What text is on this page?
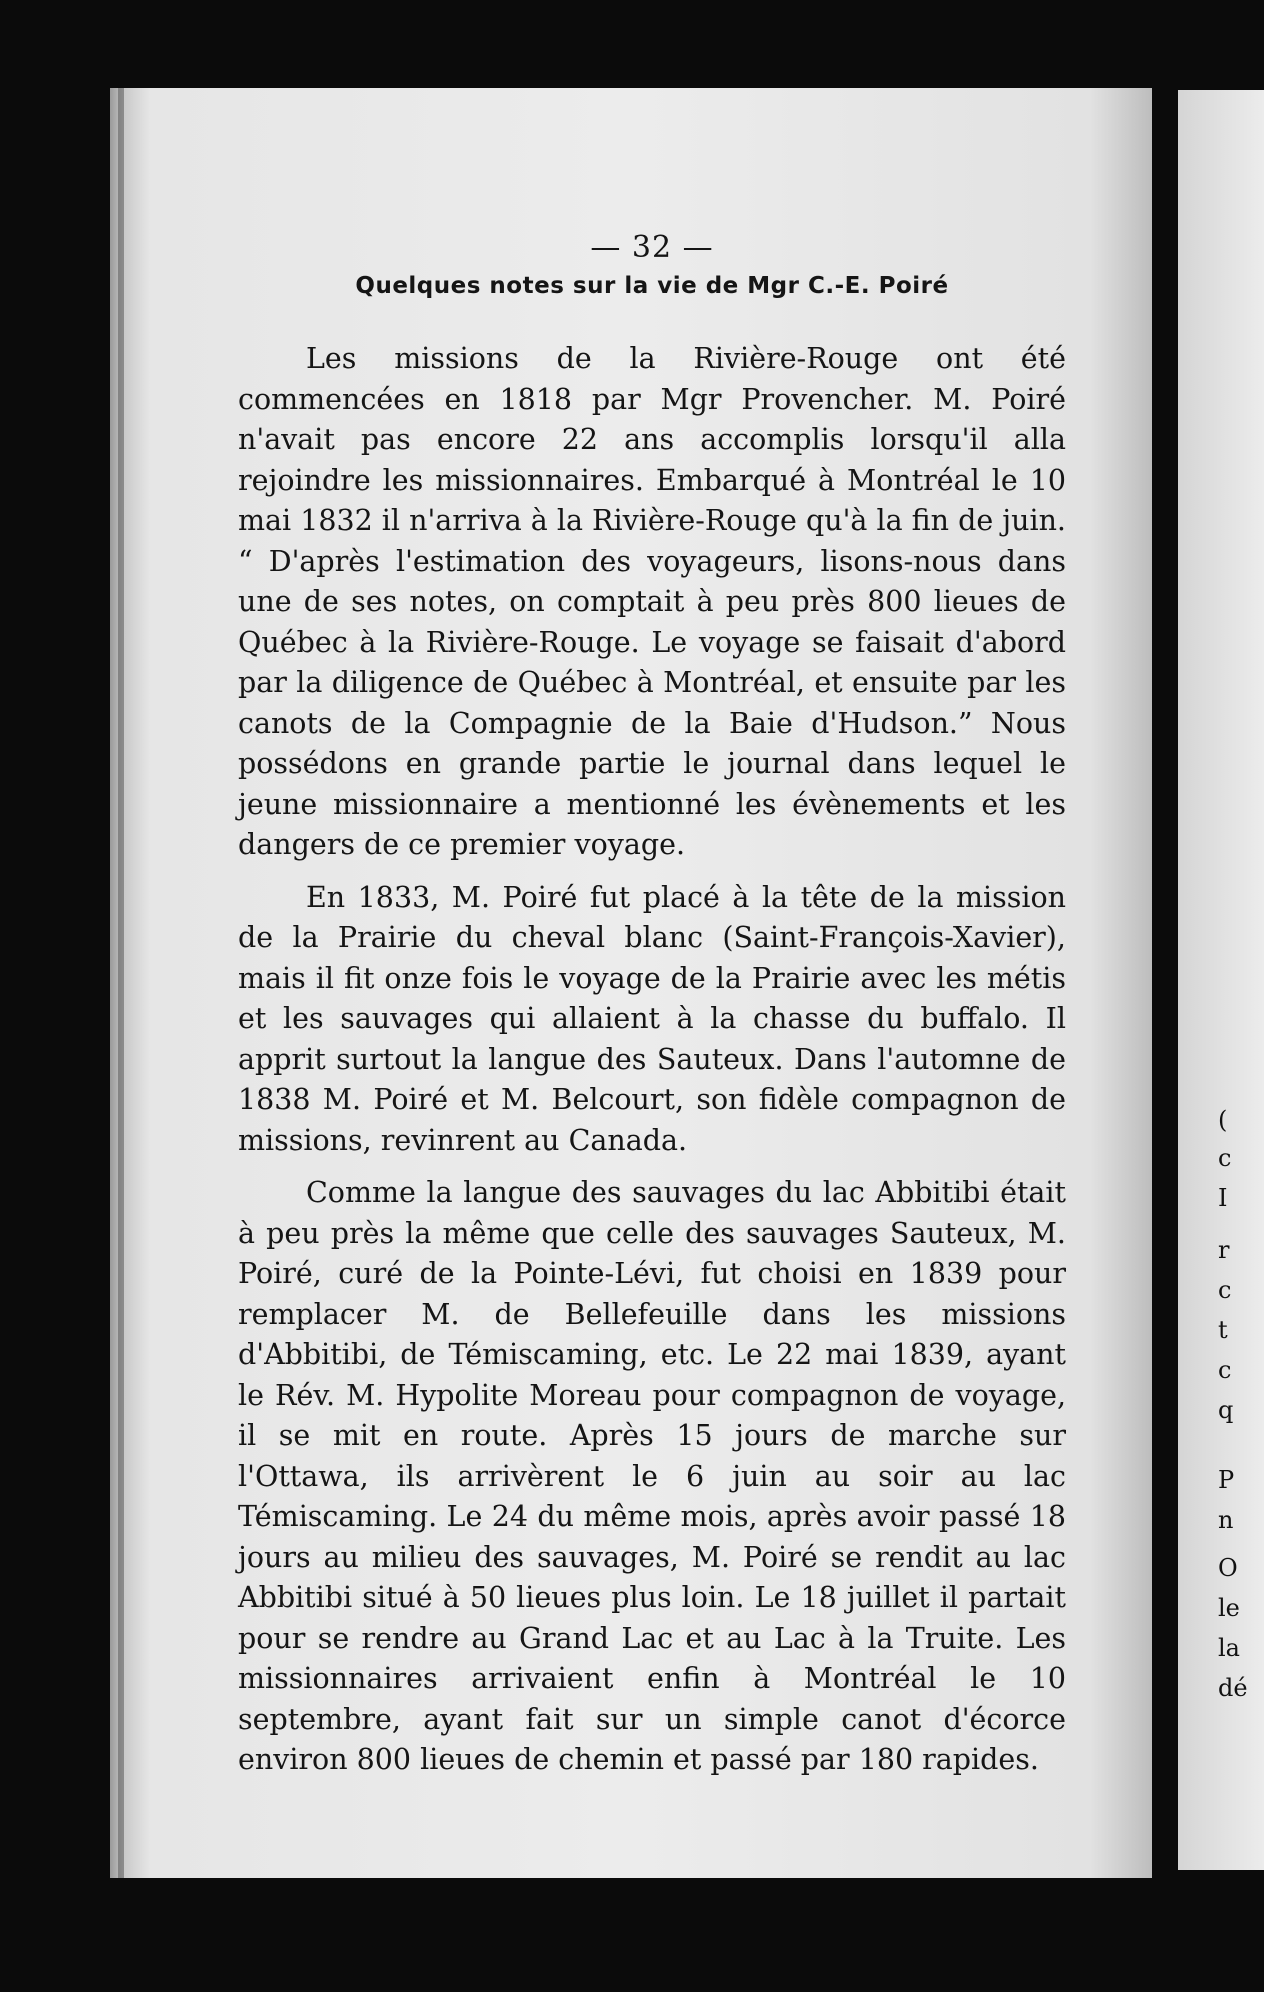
(
c
I
r
c
t
c
q
P
n
O
le
la
dé
— 32 —
Quelques notes sur la vie de Mgr C.-E. Poiré

Les missions de la Rivière-Rouge ont été commencées en 1818 par Mgr Provencher. M. Poiré n'avait pas encore 22 ans accomplis lorsqu'il alla rejoindre les missionnaires. Embarqué à Montréal le 10 mai 1832 il n'arriva à la Rivière-Rouge qu'à la fin de juin. “ D'après l'estimation des voyageurs, lisons-nous dans une de ses notes, on comptait à peu près 800 lieues de Québec à la Rivière-Rouge. Le voyage se faisait d'abord par la diligence de Québec à Montréal, et ensuite par les canots de la Compagnie de la Baie d'Hudson.” Nous possédons en grande partie le journal dans lequel le jeune missionnaire a mentionné les évènements et les dangers de ce premier voyage.

En 1833, M. Poiré fut placé à la tête de la mission de la Prairie du cheval blanc (Saint-François-Xavier), mais il fit onze fois le voyage de la Prairie avec les métis et les sauvages qui allaient à la chasse du buffalo. Il apprit surtout la langue des Sauteux. Dans l'automne de 1838 M. Poiré et M. Belcourt, son fidèle compagnon de missions, revinrent au Canada.

Comme la langue des sauvages du lac Abbitibi était à peu près la même que celle des sauvages Sauteux, M. Poiré, curé de la Pointe-Lévi, fut choisi en 1839 pour remplacer M. de Bellefeuille dans les missions d'Abbitibi, de Témiscaming, etc. Le 22 mai 1839, ayant le Rév. M. Hypolite Moreau pour compagnon de voyage, il se mit en route. Après 15 jours de marche sur l'Ottawa, ils arrivèrent le 6 juin au soir au lac Témiscaming. Le 24 du même mois, après avoir passé 18 jours au milieu des sauvages, M. Poiré se rendit au lac Abbitibi situé à 50 lieues plus loin. Le 18 juillet il partait pour se rendre au Grand Lac et au Lac à la Truite. Les missionnaires arrivaient enfin à Montréal le 10 septembre, ayant fait sur un simple canot d'écorce environ 800 lieues de chemin et passé par 180 rapides.
